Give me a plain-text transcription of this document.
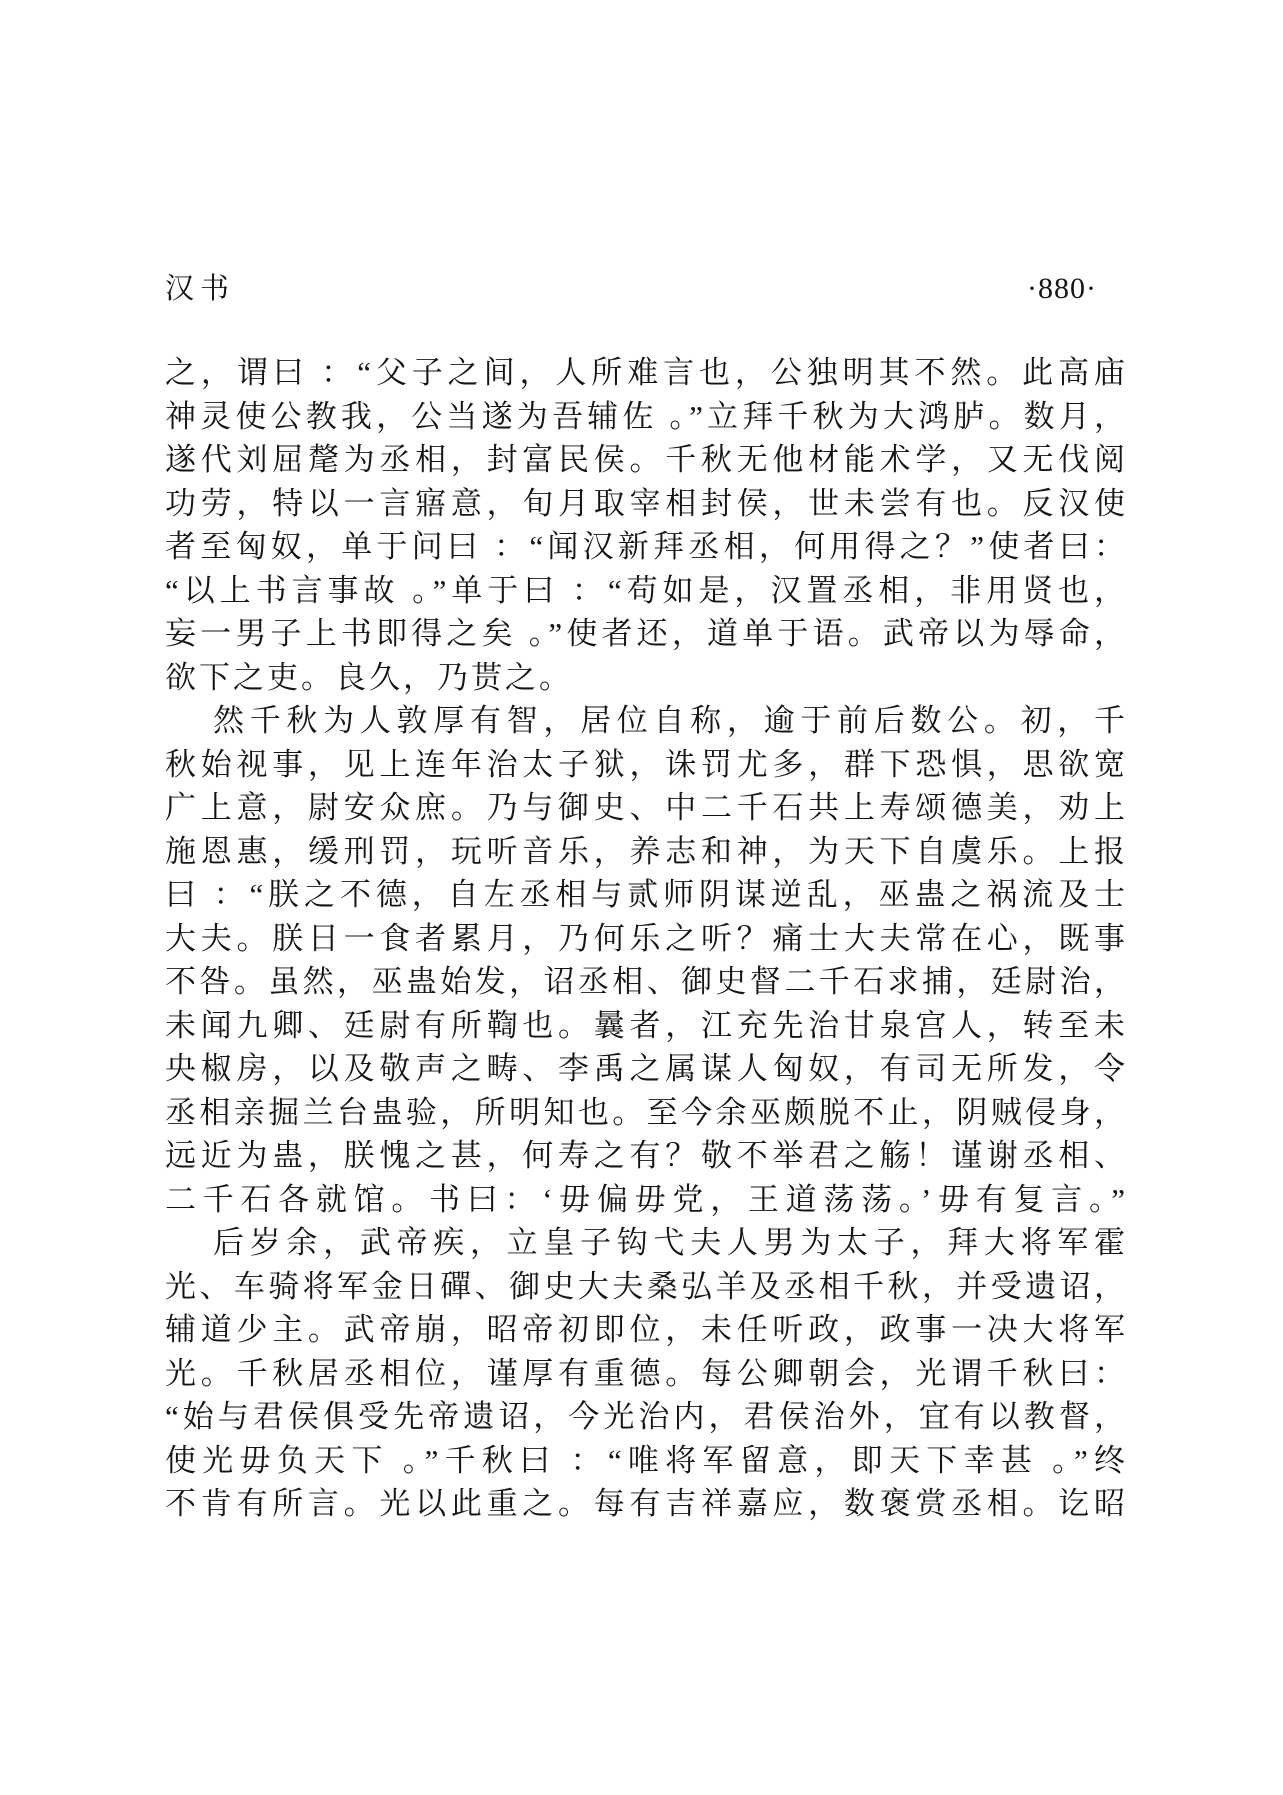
汉书	·880·
之，谓曰 ：“父子之间，人所难言也，公独明其不然。此高庙
神灵使公教我，公当遂为吾辅佐 。”立拜千秋为大鸿胪。数月，
遂代刘屈氂为丞相，封富民侯。千秋无他材能术学，又无伐阅
功劳，特以一言寤意，旬月取宰相封侯，世未尝有也。反汉使
者至匈奴，单于问曰 ：“闻汉新拜丞相，何用得之？”使者曰：
“以上书言事故 。”单于曰 ：“苟如是，汉置丞相，非用贤也，
妄一男子上书即得之矣 。”使者还，道单于语。武帝以为辱命，
欲下之吏。良久，乃贳之。
然千秋为人敦厚有智，居位自称，逾于前后数公。初，千
秋始视事，见上连年治太子狱，诛罚尤多，群下恐惧，思欲宽
广上意，尉安众庶。乃与御史、中二千石共上寿颂德美，劝上
施恩惠，缓刑罚，玩听音乐，养志和神，为天下自虞乐。上报
曰 ：“朕之不德，自左丞相与贰师阴谋逆乱，巫蛊之祸流及士
大夫。朕日一食者累月，乃何乐之听？痛士大夫常在心，既事
不咎。虽然，巫蛊始发，诏丞相、御史督二千石求捕，廷尉治，
未闻九卿、廷尉有所鞫也。曩者，江充先治甘泉宫人，转至未
央椒房，以及敬声之畴、李禹之属谋人匈奴，有司无所发，令
丞相亲掘兰台蛊验，所明知也。至今余巫颇脱不止，阴贼侵身，
远近为蛊，朕愧之甚，何寿之有？敬不举君之觞！谨谢丞相、
二千石各就馆。书曰：‘毋偏毋党，王道荡荡。’毋有复言。”
后岁余，武帝疾，立皇子钩弋夫人男为太子，拜大将军霍
光、车骑将军金日磾、御史大夫桑弘羊及丞相千秋，并受遗诏，
辅道少主。武帝崩，昭帝初即位，未任听政，政事一决大将军
光。千秋居丞相位，谨厚有重德。每公卿朝会，光谓千秋曰：
“始与君侯俱受先帝遗诏，今光治内，君侯治外，宜有以教督，
使光毋负天下 。”千秋曰 ：“唯将军留意，即天下幸甚 。”终
不肯有所言。光以此重之。每有吉祥嘉应，数褒赏丞相。讫昭
